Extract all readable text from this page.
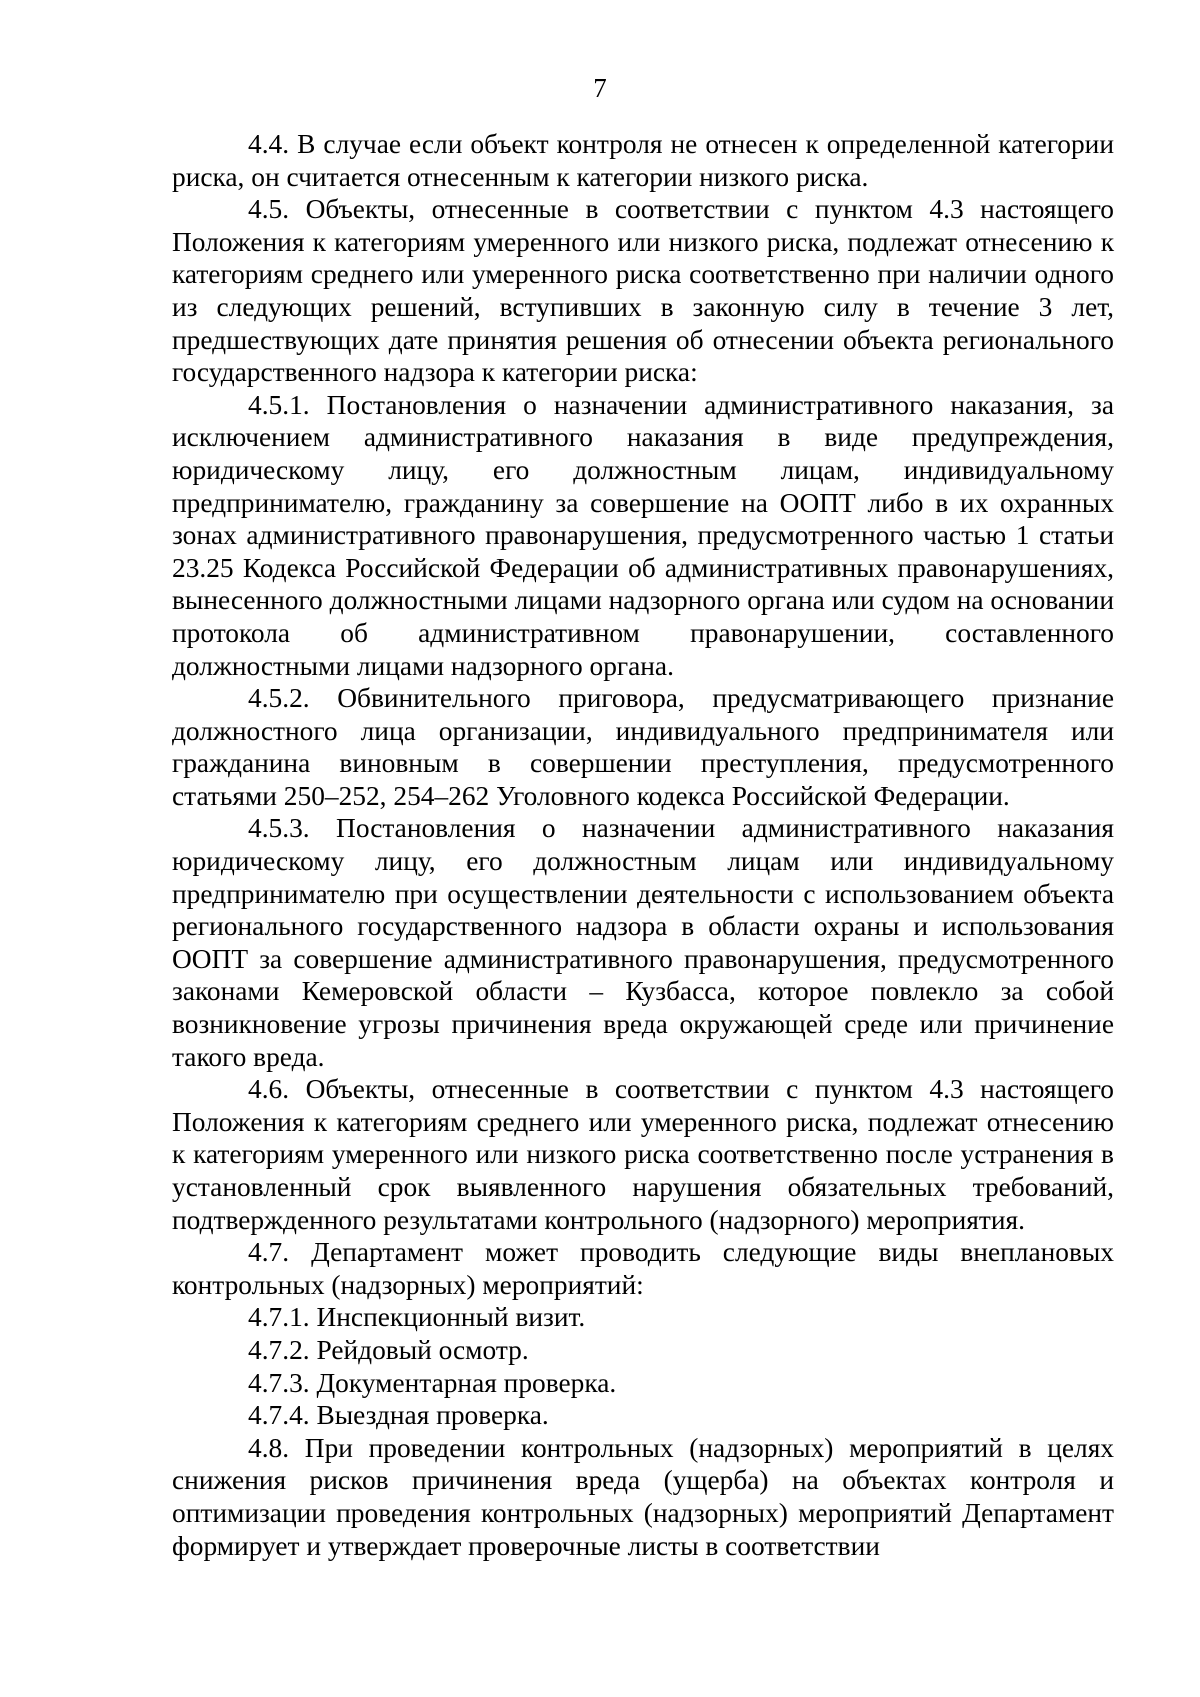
7

4.4. В случае если объект контроля не отнесен к определенной категории риска, он считается отнесенным к категории низкого риска.

4.5. Объекты, отнесенные в соответствии с пунктом 4.3 настоящего Положения к категориям умеренного или низкого риска, подлежат отнесению к категориям среднего или умеренного риска соответственно при наличии одного из следующих решений, вступивших в законную силу в течение 3 лет, предшествующих дате принятия решения об отнесении объекта регионального государственного надзора к категории риска:

4.5.1. Постановления о назначении административного наказания, за исключением административного наказания в виде предупреждения, юридическому лицу, его должностным лицам, индивидуальному предпринимателю, гражданину за совершение на ООПТ либо в их охранных зонах административного правонарушения, предусмотренного частью 1 статьи 23.25 Кодекса Российской Федерации об административных правонарушениях, вынесенного должностными лицами надзорного органа или судом на основании протокола об административном правонарушении, составленного должностными лицами надзорного органа.

4.5.2. Обвинительного приговора, предусматривающего признание должностного лица организации, индивидуального предпринимателя или гражданина виновным в совершении преступления, предусмотренного статьями 250–252, 254–262 Уголовного кодекса Российской Федерации.

4.5.3. Постановления о назначении административного наказания юридическому лицу, его должностным лицам или индивидуальному предпринимателю при осуществлении деятельности с использованием объекта регионального государственного надзора в области охраны и использования ООПТ за совершение административного правонарушения, предусмотренного законами Кемеровской области – Кузбасса, которое повлекло за собой возникновение угрозы причинения вреда окружающей среде или причинение такого вреда.

4.6. Объекты, отнесенные в соответствии с пунктом 4.3 настоящего Положения к категориям среднего или умеренного риска, подлежат отнесению к категориям умеренного или низкого риска соответственно после устранения в установленный срок выявленного нарушения обязательных требований, подтвержденного результатами контрольного (надзорного) мероприятия.

4.7. Департамент может проводить следующие виды внеплановых контрольных (надзорных) мероприятий:

4.7.1. Инспекционный визит.

4.7.2. Рейдовый осмотр.

4.7.3. Документарная проверка.

4.7.4. Выездная проверка.

4.8. При проведении контрольных (надзорных) мероприятий в целях снижения рисков причинения вреда (ущерба) на объектах контроля и оптимизации проведения контрольных (надзорных) мероприятий Департамент формирует и утверждает проверочные листы в соответствии
